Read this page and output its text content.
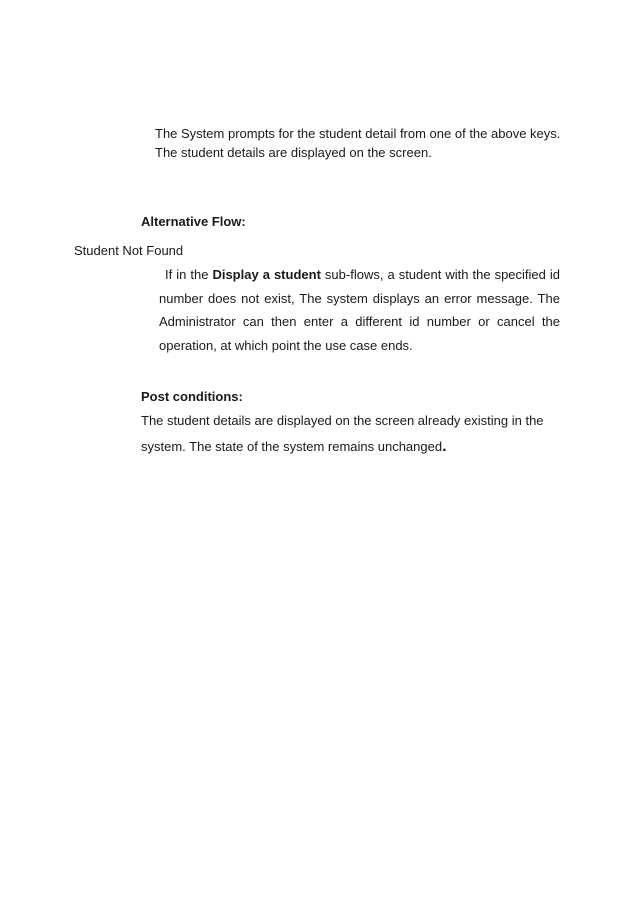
The System prompts for the student detail from one of the above keys.
The student details are displayed on the screen.
Alternative Flow:
Student Not Found
If in the Display a student sub-flows, a student with the specified id
number does not exist, The system displays an error message. The
Administrator can then enter a different id number or cancel the
operation, at which point the use case ends.
Post conditions:
The student details are displayed on the screen already existing in the
system. The state of the system remains unchanged.
